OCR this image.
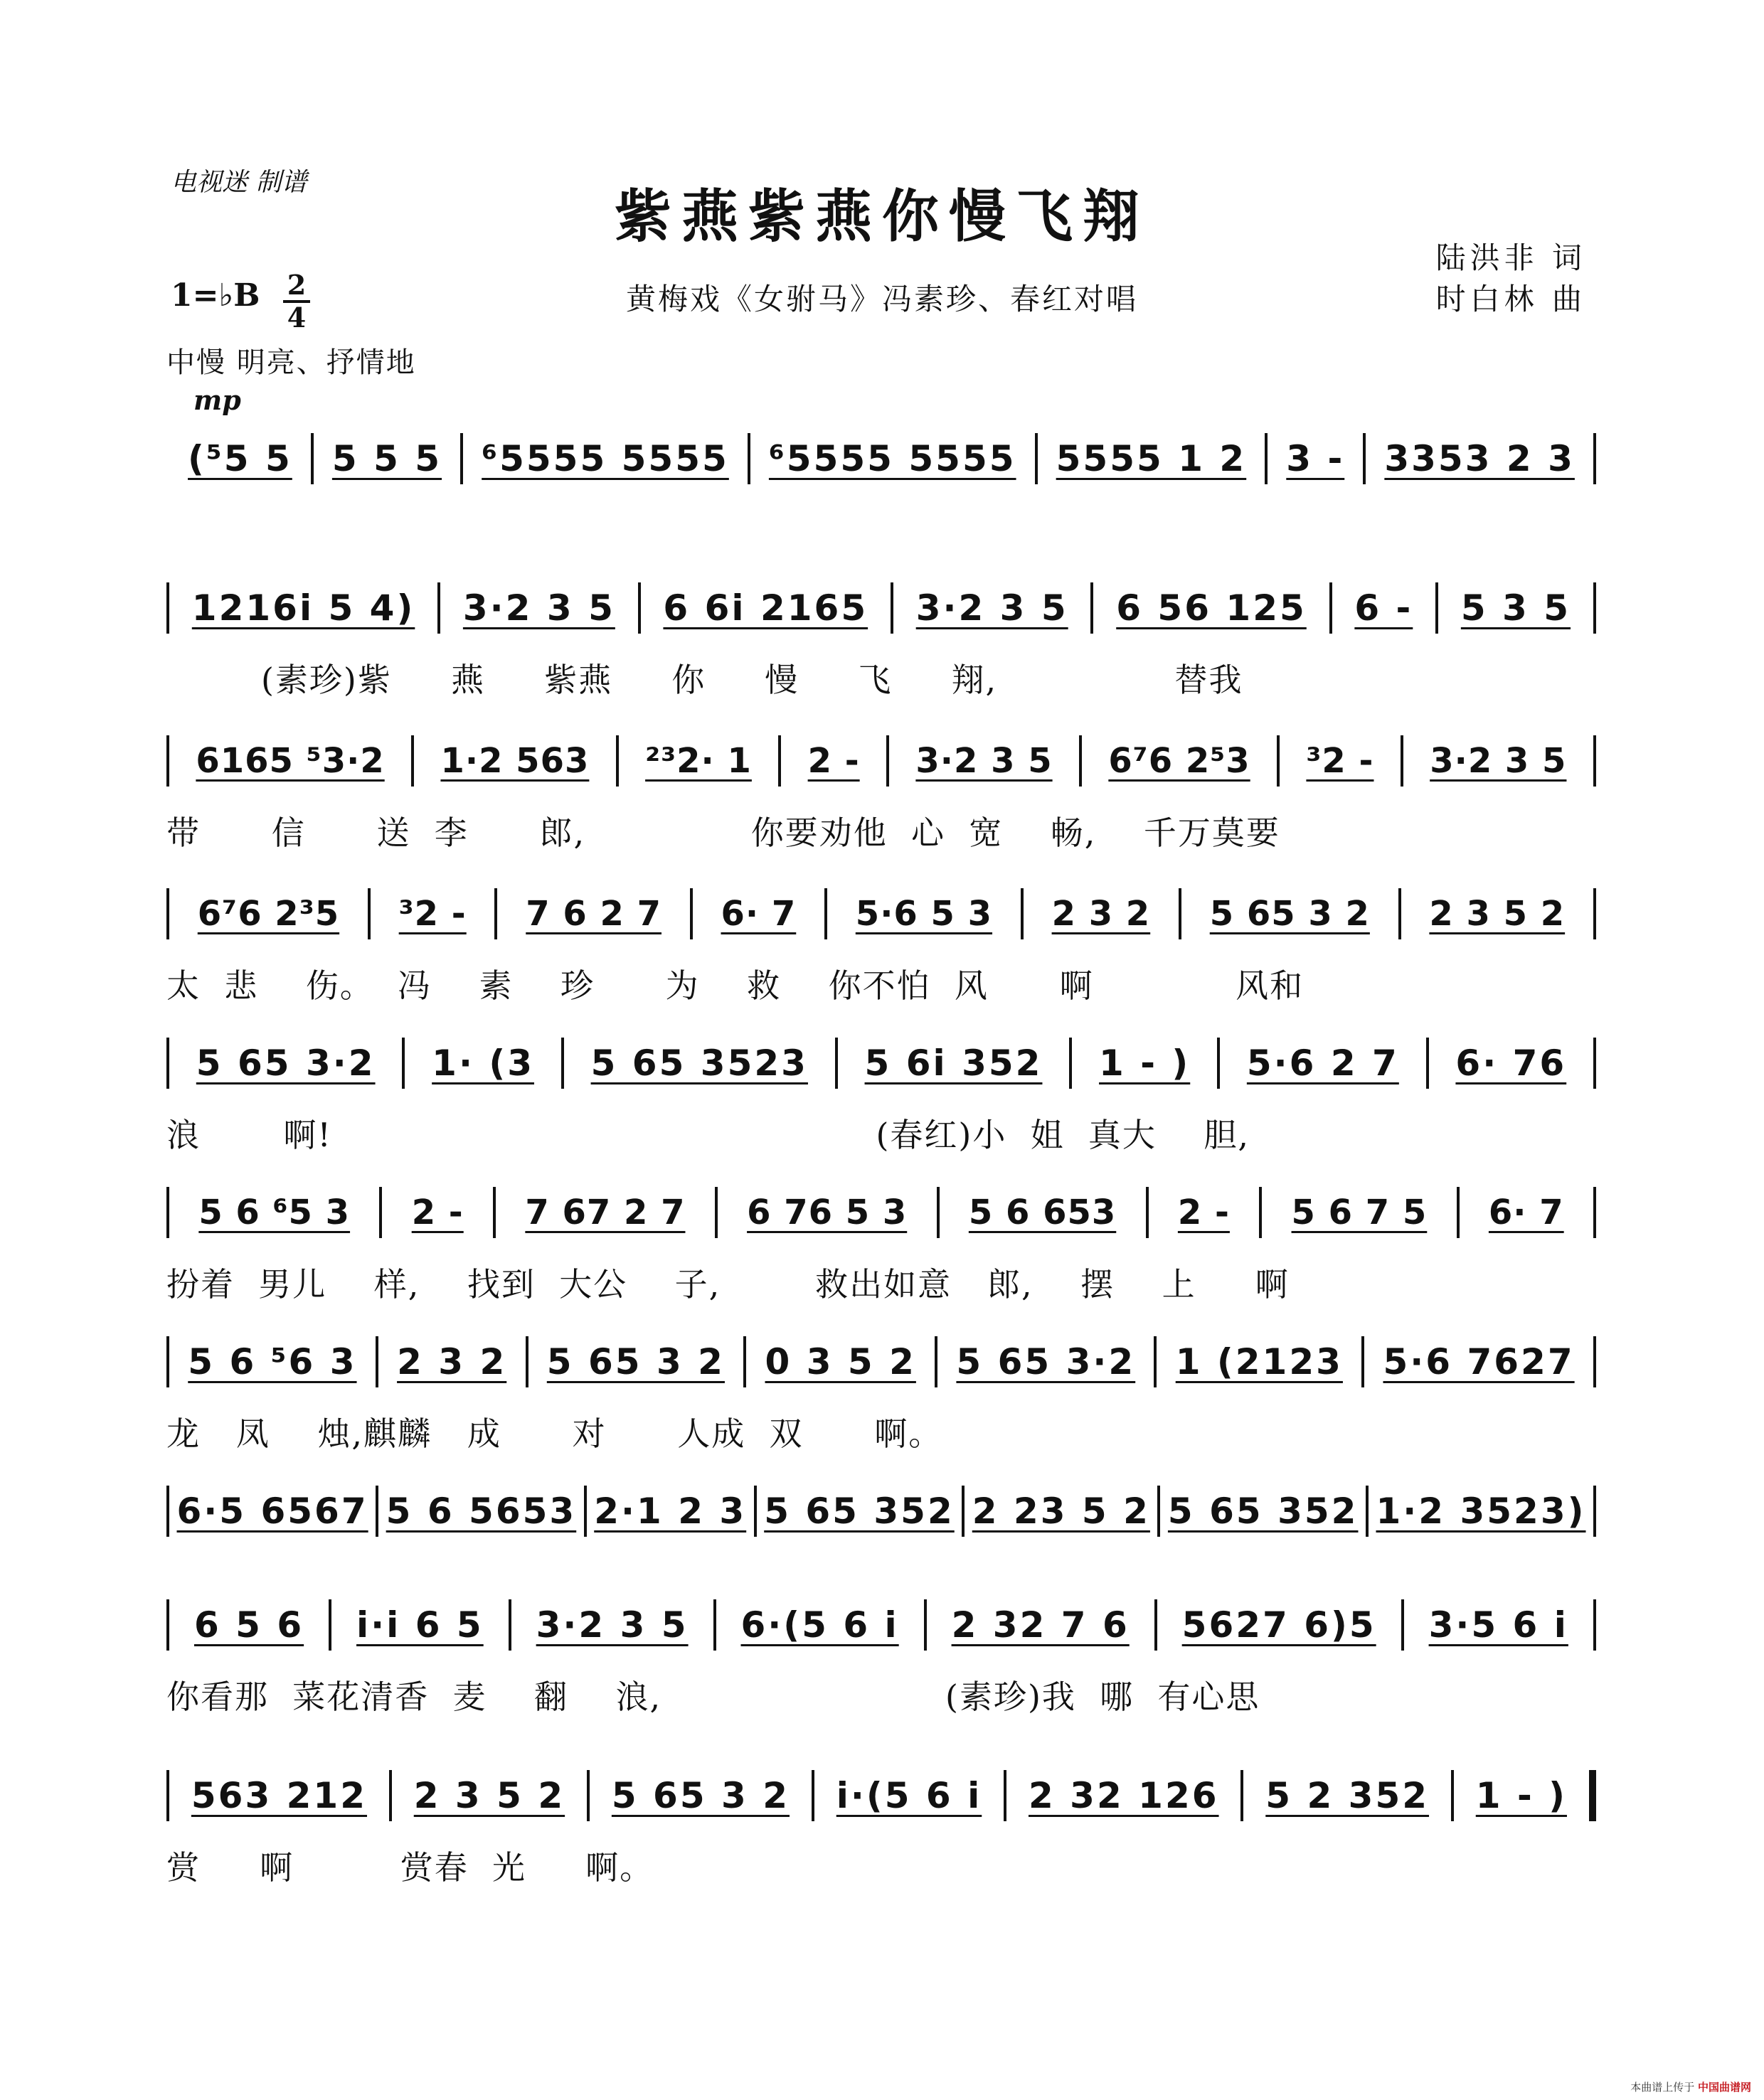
电视迷 制谱
紫燕紫燕你慢飞翔
黄梅戏《女驸马》冯素珍、春红对唱
陆洪非 词
时白林 曲
1=♭B 2
4
中慢 明亮、抒情地
mp
(⁵5 5 5 5 5 ⁶5555 5555 ⁶5555 5555 5555 1 2 3 - 3353 2 3
1216i 5 4) 3·2 3 5 6 6i 2165 3·2 3 5 6 56 125 6 - 5 3 5
(素珍)紫     燕     紫燕     你     慢     飞     翔,               替我
6165 ⁵3·2 1·2 563 ²³2· 1 2 - 3·2 3 5 6⁷6 2⁵3 ³2 - 3·2 3 5
带      信      送  李      郎,              你要劝他  心  宽    畅,    千万莫要
6⁷6 2³5 ³2 - 7 6 2 7 6· 7 5·6 5 3 2 3 2 5 65 3 2 2 3 5 2
太  悲    伤。  冯    素    珍      为    救    你不怕  风      啊            风和
5 65 3·2 1· (3 5 65 3523 5 6i 352 1 - ) 5·6 2 7 6· 76
浪       啊!                                              (春红)小  姐  真大    胆,
5 6 ⁶5 3 2 - 7 67 2 7 6 76 5 3 5 6 653 2 - 5 6 7 5 6· 7
扮着  男儿    样,    找到  大公    子,        救出如意   郎,    摆    上     啊
5 6 ⁵6 3 2 3 2 5 65 3 2 0 3 5 2 5 65 3·2 1 (2123 5·6 7627
龙   凤    烛,麒麟   成      对      人成  双      啊。
6·5 6567 5 6 5653 2·1 2 3 5 65 352 2 23 5 2 5 65 352 1·2 3523)
6 5 6 i·i 6 5 3·2 3 5 6·(5 6 i 2 32 7 6 5627 6)5 3·5 6 i
你看那  菜花清香  麦    翻    浪,                        (素珍)我  哪  有心思
563 212 2 3 5 2 5 65 3 2 i·(5 6 i 2 32 126 5 2 352 1 - )
赏     啊         赏春  光     啊。
本曲谱上传于 中国曲谱网
